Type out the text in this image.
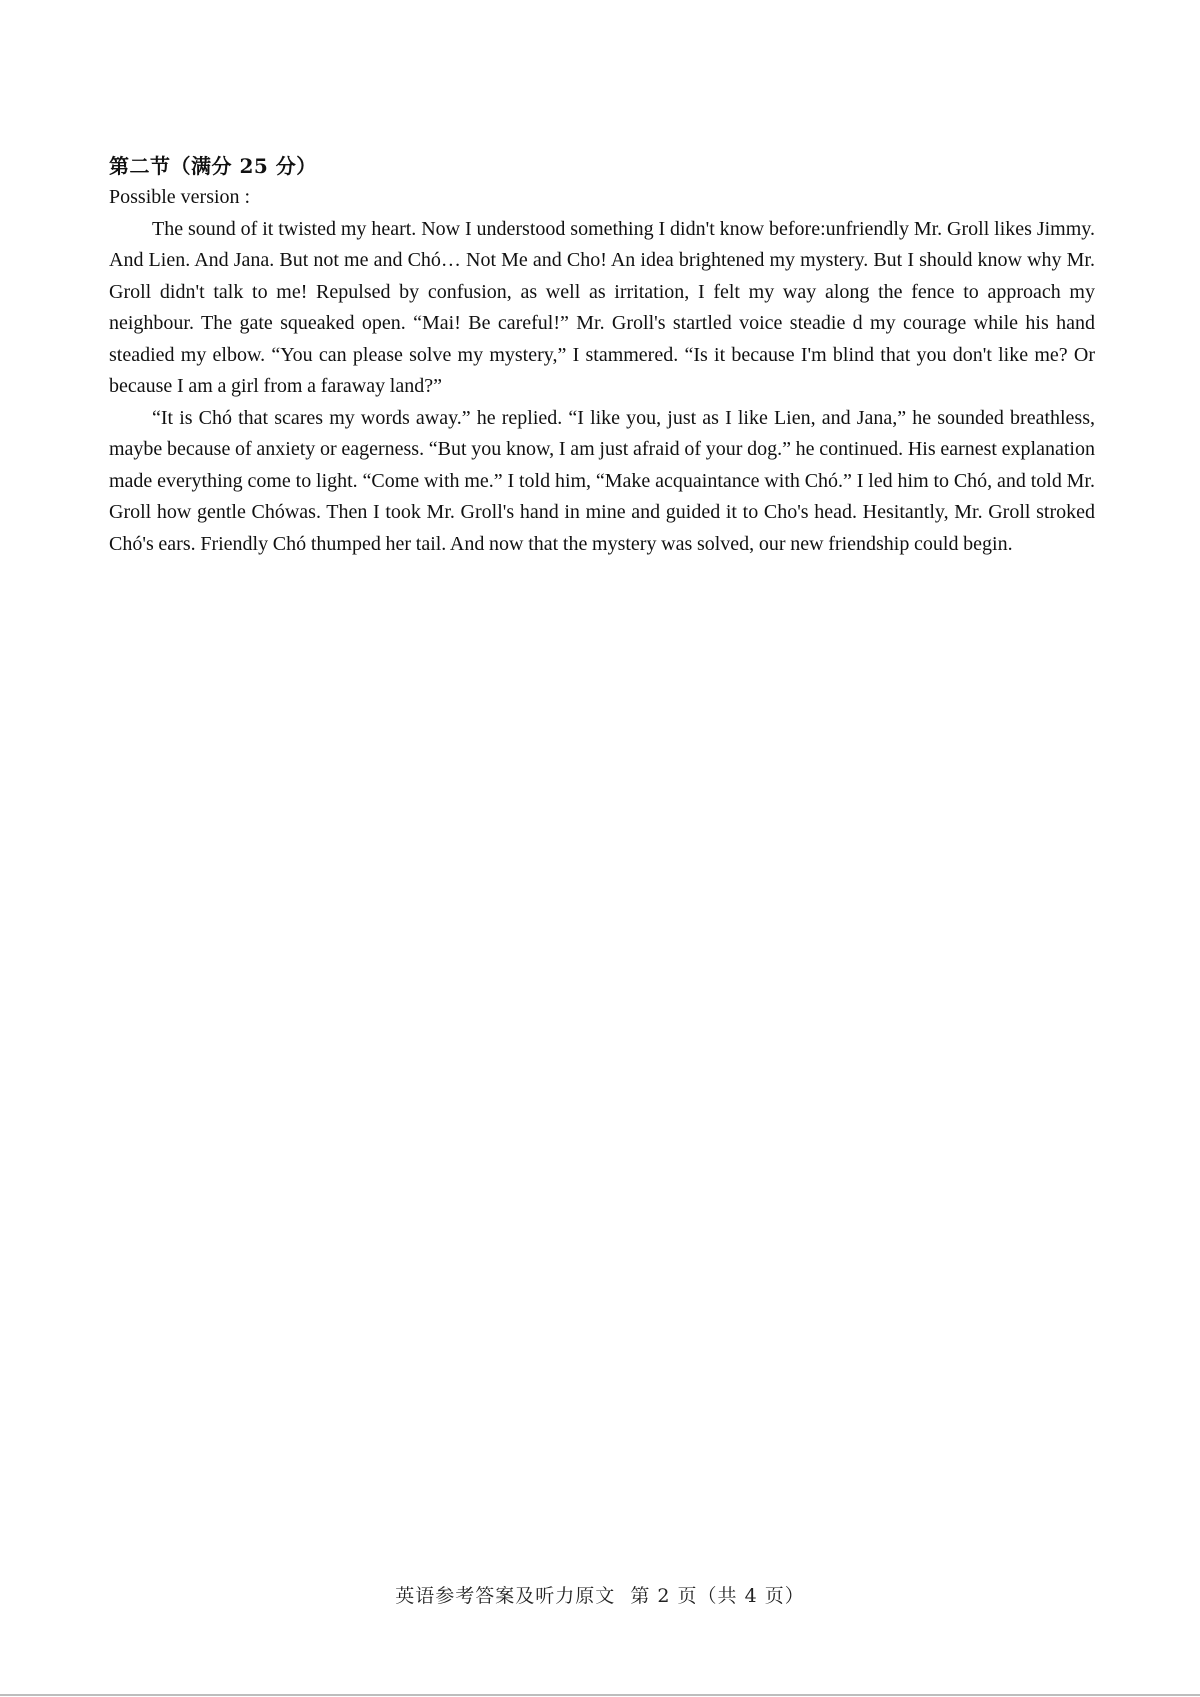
第二节（满分 25 分）
Possible version :

The sound of it twisted my heart. Now I understood something I didn't know before:unfriendly Mr. Groll likes Jimmy. And Lien. And Jana. But not me and Chó… Not Me and Cho! An idea brightened my mystery. But I should know why Mr. Groll didn't talk to me! Repulsed by confusion, as well as irritation, I felt my way along the fence to approach my neighbour. The gate squeaked open. “Mai! Be careful!” Mr. Groll's startled voice steadie d my courage while his hand steadied my elbow. “You can please solve my mystery,” I stammered. “Is it because I'm blind that you don't like me? Or because I am a girl from a faraway land?”

“It is Chó that scares my words away.” he replied. “I like you, just as I like Lien, and Jana,” he sounded breathless, maybe because of anxiety or eagerness. “But you know, I am just afraid of your dog.” he continued. His earnest explanation made everything come to light. “Come with me.” I told him, “Make acquaintance with Chó.” I led him to Chó, and told Mr. Groll how gentle Chówas. Then I took Mr. Groll's hand in mine and guided it to Cho's head. Hesitantly, Mr. Groll stroked Chó's ears. Friendly Chó thumped her tail. And now that the mystery was solved, our new friendship could begin.

英语参考答案及听力原文 第 2 页（共 4 页）
